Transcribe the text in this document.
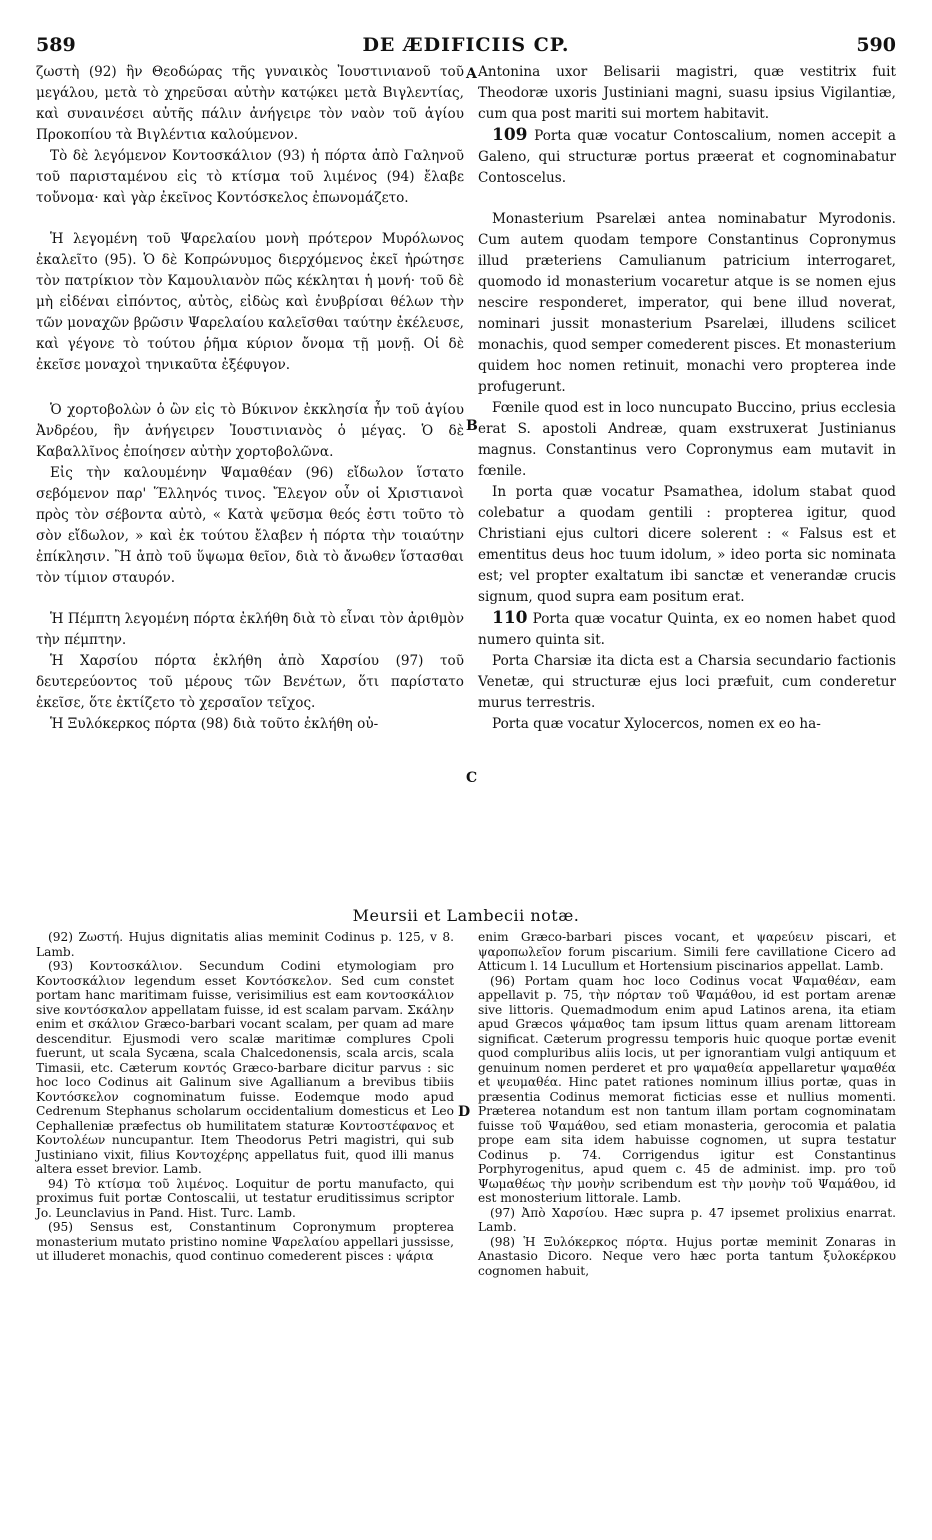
589	DE ÆDIFICIIS CP.	590

ζωστὴ (92) ἣν Θεοδώρας τῆς γυναικὸς Ἰουστινιανοῦ τοῦ μεγάλου, μετὰ τὸ χηρεῦσαι αὐτὴν κατῴκει μετὰ Βιγλεντίας, καὶ συναινέσει αὐτῆς πάλιν ἀνήγειρε τὸν ναὸν τοῦ ἁγίου Προκοπίου τὰ Βιγλέντια καλούμενον.

Τὸ δὲ λεγόμενον Κοντοσκάλιον (93) ἡ πόρτα ἀπὸ Γαληνοῦ τοῦ παρισταμένου εἰς τὸ κτίσμα τοῦ λιμένος (94) ἔλαβε τοὔνομα· καὶ γὰρ ἐκεῖνος Κοντόσκελος ἐπωνομάζετο.

Ἡ λεγομένη τοῦ Ψαρελαίου μονὴ πρότερον Μυρόλωνος ἐκαλεῖτο (95). Ὁ δὲ Κοπρώνυμος διερχόμενος ἐκεῖ ἠρώτησε τὸν πατρίκιον τὸν Καμουλιανὸν πῶς κέκληται ἡ μονή· τοῦ δὲ μὴ εἰδέναι εἰπόντος, αὐτὸς, εἰδὼς καὶ ἐνυβρίσαι θέλων τὴν τῶν μοναχῶν βρῶσιν Ψαρελαίου καλεῖσθαι ταύτην ἐκέλευσε, καὶ γέγονε τὸ τούτου ῥῆμα κύριον ὄνομα τῇ μονῇ. Οἱ δὲ ἐκεῖσε μοναχοὶ τηνικαῦτα ἐξέφυγον.

Ὁ χορτοβολὼν ὁ ὢν εἰς τὸ Βύκινον ἐκκλησία ἦν τοῦ ἁγίου Ἀνδρέου, ἣν ἀνήγειρεν Ἰουστινιανὸς ὁ μέγας. Ὁ δὲ Καβαλλῖνος ἐποίησεν αὐτὴν χορτοβολῶνα.

Εἰς τὴν καλουμένην Ψαμαθέαν (96) εἴδωλον ἵστατο σεβόμενον παρ' Ἕλληνός τινος. Ἔλεγον οὖν οἱ Χριστιανοὶ πρὸς τὸν σέβοντα αὐτὸ, « Κατὰ ψεῦσμα θεός ἐστι τοῦτο τὸ σὸν εἴδωλον, » καὶ ἐκ τούτου ἔλαβεν ἡ πόρτα τὴν τοιαύτην ἐπίκλησιν. Ἢ ἀπὸ τοῦ ὕψωμα θεῖον, διὰ τὸ ἄνωθεν ἵστασθαι τὸν τίμιον σταυρόν.

Ἡ Πέμπτη λεγομένη πόρτα ἐκλήθη διὰ τὸ εἶναι τὸν ἀριθμὸν τὴν πέμπτην.

Ἡ Χαρσίου πόρτα ἐκλήθη ἀπὸ Χαρσίου (97) τοῦ δευτερεύοντος τοῦ μέρους τῶν Βενέτων, ὅτι παρίστατο ἐκεῖσε, ὅτε ἐκτίζετο τὸ χερσαῖον τεῖχος.

Ἡ Ξυλόκερκος πόρτα (98) διὰ τοῦτο ἐκλήθη οὐ-

A
B
C
D

Antonina uxor Belisarii magistri, quæ vestitrix fuit Theodoræ uxoris Justiniani magni, suasu ipsius Vigilantiæ, cum qua post mariti sui mortem habitavit.

109 Porta quæ vocatur Contoscalium, nomen accepit a Galeno, qui structuræ portus præerat et cognominabatur Contoscelus.

Monasterium Psarelæi antea nominabatur Myrodonis. Cum autem quodam tempore Constantinus Copronymus illud præteriens Camulianum patricium interrogaret, quomodo id monasterium vocaretur atque is se nomen ejus nescire responderet, imperator, qui bene illud noverat, nominari jussit monasterium Psarelæi, illudens scilicet monachis, quod semper comederent pisces. Et monasterium quidem hoc nomen retinuit, monachi vero propterea inde profugerunt.

Fœnile quod est in loco nuncupato Buccino, prius ecclesia erat S. apostoli Andreæ, quam exstruxerat Justinianus magnus. Constantinus vero Copronymus eam mutavit in fœnile.

In porta quæ vocatur Psamathea, idolum stabat quod colebatur a quodam gentili : propterea igitur, quod Christiani ejus cultori dicere solerent : « Falsus est et ementitus deus hoc tuum idolum, » ideo porta sic nominata est; vel propter exaltatum ibi sanctæ et venerandæ crucis signum, quod supra eam positum erat.

110 Porta quæ vocatur Quinta, ex eo nomen habet quod numero quinta sit.

Porta Charsiæ ita dicta est a Charsia secundario factionis Venetæ, qui structuræ ejus loci præfuit, cum conderetur murus terrestris.

Porta quæ vocatur Xylocercos, nomen ex eo ha-

Meursii et Lambecii notæ.

(92) Ζωστή. Hujus dignitatis alias meminit Codinus p. 125, v 8. Lamb.

(93) Κοντοσκάλιον. Secundum Codini etymologiam pro Κοντοσκάλιον legendum esset Κοντόσκελον. Sed cum constet portam hanc maritimam fuisse, verisimilius est eam κοντοσκάλιον sive κοντόσκαλον appellatam fuisse, id est scalam parvam. Σκάλην enim et σκάλιον Græco-barbari vocant scalam, per quam ad mare descenditur. Ejusmodi vero scalæ maritimæ complures Cpoli fuerunt, ut scala Sycæna, scala Chalcedonensis, scala arcis, scala Timasii, etc. Cæterum κοντός Græco-barbare dicitur parvus : sic hoc loco Codinus ait Galinum sive Agallianum a brevibus tibiis Κοντόσκελον cognominatum fuisse. Eodemque modo apud Cedrenum Stephanus scholarum occidentalium domesticus et Leo Cephalleniæ præfectus ob humilitatem staturæ Κοντοστέφανος et Κοντολέων nuncupantur. Item Theodorus Petri magistri, qui sub Justiniano vixit, filius Κοντοχέρης appellatus fuit, quod illi manus altera esset brevior. Lamb.

94) Τὸ κτίσμα τοῦ λιμένος. Loquitur de portu manufacto, qui proximus fuit portæ Contoscalii, ut testatur eruditissimus scriptor Jo. Leunclavius in Pand. Hist. Turc. Lamb.

(95) Sensus est, Constantinum Copronymum propterea monasterium mutato pristino nomine Ψαρελαίου appellari jussisse, ut illuderet monachis, quod continuo comederent pisces : ψάρια

enim Græco-barbari pisces vocant, et ψαρεύειν piscari, et ψαροπωλεῖον forum piscarium. Simili fere cavillatione Cicero ad Atticum l. 14 Lucullum et Hortensium piscinarios appellat. Lamb.

(96) Portam quam hoc loco Codinus vocat Ψαμαθέαν, eam appellavit p. 75, τὴν πόρταν τοῦ Ψαμάθου, id est portam arenæ sive littoris. Quemadmodum enim apud Latinos arena, ita etiam apud Græcos ψάμαθος tam ipsum littus quam arenam littoream significat. Cæterum progressu temporis huic quoque portæ evenit quod compluribus aliis locis, ut per ignorantiam vulgi antiquum et genuinum nomen perderet et pro ψαμαθεία appellaretur ψαμαθέα et ψευμαθέα. Hinc patet rationes nominum illius portæ, quas in præsentia Codinus memorat ficticias esse et nullius momenti. Præterea notandum est non tantum illam portam cognominatam fuisse τοῦ Ψαμάθου, sed etiam monasteria, gerocomia et palatia prope eam sita idem habuisse cognomen, ut supra testatur Codinus p. 74. Corrigendus igitur est Constantinus Porphyrogenitus, apud quem c. 45 de administ. imp. pro τοῦ Ψωμαθέως τὴν μονὴν scribendum est τὴν μονὴν τοῦ Ψαμάθου, id est monosterium littorale. Lamb.

(97) Ἀπὸ Χαρσίου. Hæc supra p. 47 ipsemet prolixius enarrat. Lamb.

(98) Ἡ Ξυλόκερκος πόρτα. Hujus portæ meminit Zonaras in Anastasio Dicoro. Neque vero hæc porta tantum ξυλοκέρκου cognomen habuit,
